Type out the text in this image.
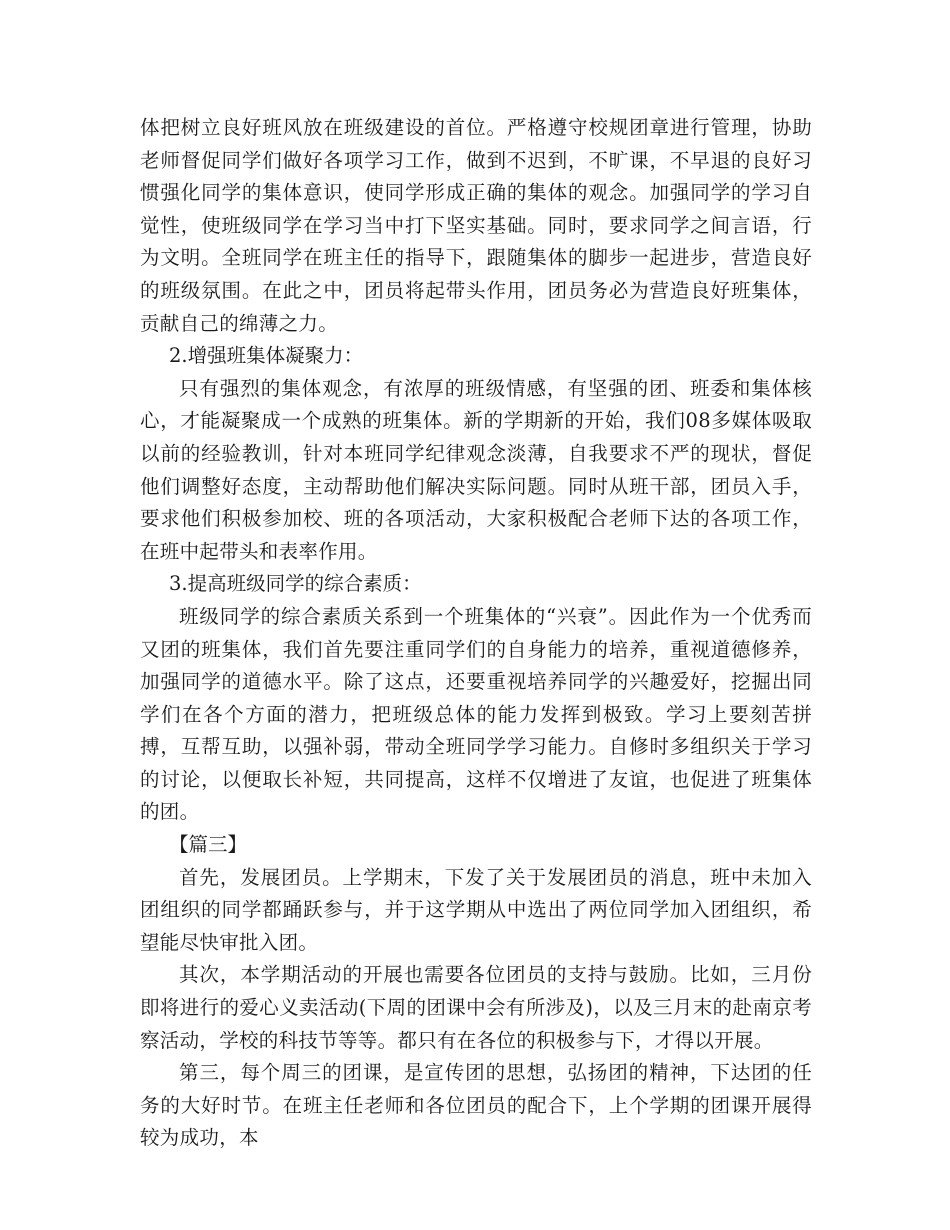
体把树立良好班风放在班级建设的首位。严格遵守校规团章进行管理，协助老师督促同学们做好各项学习工作，做到不迟到，不旷课，不早退的良好习惯强化同学的集体意识，使同学形成正确的集体的观念。加强同学的学习自觉性，使班级同学在学习当中打下坚实基础。同时，要求同学之间言语，行为文明。全班同学在班主任的指导下，跟随集体的脚步一起进步，营造良好的班级氛围。在此之中，团员将起带头作用，团员务必为营造良好班集体，贡献自己的绵薄之力。

2.增强班集体凝聚力：

只有强烈的集体观念，有浓厚的班级情感，有坚强的团、班委和集体核心，才能凝聚成一个成熟的班集体。新的学期新的开始，我们08多媒体吸取以前的经验教训，针对本班同学纪律观念淡薄，自我要求不严的现状，督促他们调整好态度，主动帮助他们解决实际问题。同时从班干部，团员入手，要求他们积极参加校、班的各项活动，大家积极配合老师下达的各项工作，在班中起带头和表率作用。

3.提高班级同学的综合素质：

班级同学的综合素质关系到一个班集体的“兴衰”。因此作为一个优秀而又团的班集体，我们首先要注重同学们的自身能力的培养，重视道德修养，加强同学的道德水平。除了这点，还要重视培养同学的兴趣爱好，挖掘出同学们在各个方面的潜力，把班级总体的能力发挥到极致。学习上要刻苦拼搏，互帮互助，以强补弱，带动全班同学学习能力。自修时多组织关于学习的讨论，以便取长补短，共同提高，这样不仅增进了友谊，也促进了班集体的团。

【篇三】

首先，发展团员。上学期末，下发了关于发展团员的消息，班中未加入团组织的同学都踊跃参与，并于这学期从中选出了两位同学加入团组织，希望能尽快审批入团。

其次，本学期活动的开展也需要各位团员的支持与鼓励。比如，三月份即将进行的爱心义卖活动(下周的团课中会有所涉及)，以及三月末的赴南京考察活动，学校的科技节等等。都只有在各位的积极参与下，才得以开展。

第三，每个周三的团课，是宣传团的思想，弘扬团的精神，下达团的任务的大好时节。在班主任老师和各位团员的配合下，上个学期的团课开展得较为成功，本
